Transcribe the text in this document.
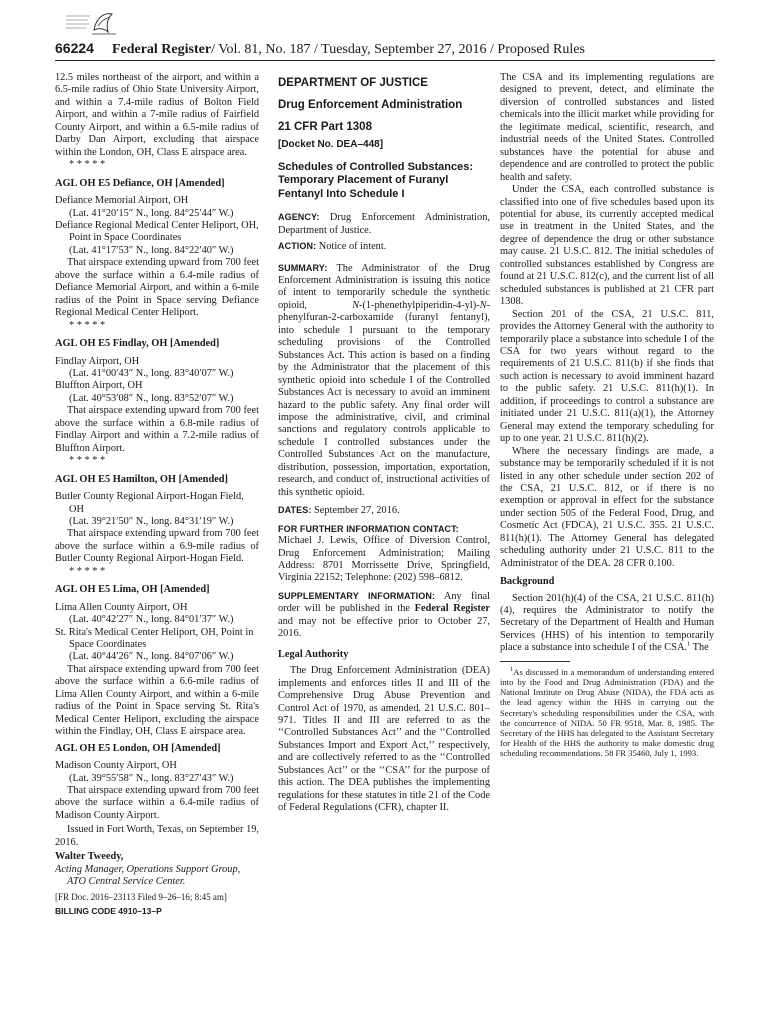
66224 Federal Register/ Vol. 81, No. 187 / Tuesday, September 27, 2016 / Proposed Rules

12.5 miles northeast of the airport, and within a 6.5-mile radius of Ohio State University Airport, and within a 7.4-mile radius of Bolton Field Airport, and within a 7-mile radius of Fairfield County Airport, and within a 6.5-mile radius of Darby Dan Airport, excluding that airspace within the London, OH, Class E airspace area.

* * * * *

AGL OH E5 Defiance, OH [Amended]

Defiance Memorial Airport, OH

(Lat. 41°20′15″ N., long. 84°25′44″ W.)

Defiance Regional Medical Center Heliport, OH, Point in Space Coordinates

(Lat. 41°17′53″ N., long. 84°22′40″ W.)

That airspace extending upward from 700 feet above the surface within a 6.4-mile radius of Defiance Memorial Airport, and within a 6-mile radius of the Point in Space serving Defiance Regional Medical Center Heliport.

* * * * *

AGL OH E5 Findlay, OH [Amended]

Findlay Airport, OH

(Lat. 41°00′43″ N., long. 83°40′07″ W.)

Bluffton Airport, OH

(Lat. 40°53′08″ N., long. 83°52′07″ W.)

That airspace extending upward from 700 feet above the surface within a 6.8-mile radius of Findlay Airport and within a 7.2-mile radius of Bluffton Airport.

* * * * *

AGL OH E5 Hamilton, OH [Amended]

Butler County Regional Airport-Hogan Field, OH

(Lat. 39°21′50″ N., long. 84°31′19″ W.)

That airspace extending upward from 700 feet above the surface within a 6.9-mile radius of Butler County Regional Airport-Hogan Field.

* * * * *

AGL OH E5 Lima, OH [Amended]

Lima Allen County Airport, OH

(Lat. 40°42′27″ N., long. 84°01′37″ W.)

St. Rita's Medical Center Heliport, OH, Point in Space Coordinates

(Lat. 40°44′26″ N., long. 84°07′06″ W.)

That airspace extending upward from 700 feet above the surface within a 6.6-mile radius of Lima Allen County Airport, and within a 6-mile radius of the Point in Space serving St. Rita's Medical Center Heliport, excluding the airspace within the Findlay, OH, Class E airspace area.

AGL OH E5 London, OH [Amended]

Madison County Airport, OH

(Lat. 39°55′58″ N., long. 83°27′43″ W.)

That airspace extending upward from 700 feet above the surface within a 6.4-mile radius of Madison County Airport.

Issued in Fort Worth, Texas, on September 19, 2016.

Walter Tweedy,

Acting Manager, Operations Support Group, ATO Central Service Center.

[FR Doc. 2016–23113 Filed 9–26–16; 8:45 am]

BILLING CODE 4910–13–P

DEPARTMENT OF JUSTICE

Drug Enforcement Administration

21 CFR Part 1308

[Docket No. DEA–448]

Schedules of Controlled Substances: Temporary Placement of Furanyl Fentanyl Into Schedule I

AGENCY: Drug Enforcement Administration, Department of Justice.

ACTION: Notice of intent.

SUMMARY: The Administrator of the Drug Enforcement Administration is issuing this notice of intent to temporarily schedule the synthetic opioid,	N-(1-phenethylpiperidin-4-yl)-N-phenylfuran-2-carboxamide (furanyl fentanyl), into schedule I pursuant to the temporary scheduling provisions of the Controlled Substances Act. This action is based on a finding by the Administrator that the placement of this synthetic opioid into schedule I of the Controlled Substances Act is necessary to avoid an imminent hazard to the public safety. Any final order will impose the administrative, civil, and criminal sanctions and regulatory controls applicable to schedule I controlled substances under the Controlled Substances Act on the manufacture, distribution, possession, importation, exportation, research, and conduct of, instructional activities of this synthetic opioid.

DATES: September 27, 2016.

FOR FURTHER INFORMATION CONTACT:

Michael J. Lewis, Office of Diversion Control, Drug Enforcement Administration; Mailing Address: 8701 Morrissette Drive, Springfield, Virginia 22152; Telephone: (202) 598–6812.

SUPPLEMENTARY INFORMATION: Any final order will be published in the Federal Register and may not be effective prior to October 27, 2016.

Legal Authority

The Drug Enforcement Administration (DEA) implements and enforces titles II and III of the Comprehensive Drug Abuse Prevention and Control Act of 1970, as amended. 21 U.S.C. 801–971. Titles II and III are referred to as the ‘‘Controlled Substances Act’’ and the ‘‘Controlled Substances Import and Export Act,’’ respectively, and are collectively referred to as the ‘‘Controlled Substances Act’’ or the ‘‘CSA’’ for the purpose of this action. The DEA publishes the implementing regulations for these statutes in title 21 of the Code of Federal Regulations (CFR), chapter II.

The CSA and its implementing regulations are designed to prevent, detect, and eliminate the diversion of controlled substances and listed chemicals into the illicit market while providing for the legitimate medical, scientific, research, and industrial needs of the United States. Controlled substances have the potential for abuse and dependence and are controlled to protect the public health and safety.

Under the CSA, each controlled substance is classified into one of five schedules based upon its potential for abuse, its currently accepted medical use in treatment in the United States, and the degree of dependence the drug or other substance may cause. 21 U.S.C. 812. The initial schedules of controlled substances established by Congress are found at 21 U.S.C. 812(c), and the current list of all scheduled substances is published at 21 CFR part 1308.

Section 201 of the CSA, 21 U.S.C. 811, provides the Attorney General with the authority to temporarily place a substance into schedule I of the CSA for two years without regard to the requirements of 21 U.S.C. 811(b) if she finds that such action is necessary to avoid imminent hazard to the public safety. 21 U.S.C. 811(h)(1). In addition, if proceedings to control a substance are initiated under 21 U.S.C. 811(a)(1), the Attorney General may extend the temporary scheduling for up to one year. 21 U.S.C. 811(h)(2).

Where the necessary findings are made, a substance may be temporarily scheduled if it is not listed in any other schedule under section 202 of the CSA, 21 U.S.C. 812, or if there is no exemption or approval in effect for the substance under section 505 of the Federal Food, Drug, and Cosmetic Act (FDCA), 21 U.S.C. 355. 21 U.S.C. 811(h)(1). The Attorney General has delegated scheduling authority under 21 U.S.C. 811 to the Administrator of the DEA. 28 CFR 0.100.

Background

Section 201(h)(4) of the CSA, 21 U.S.C. 811(h)(4), requires the Administrator to notify the Secretary of the Department of Health and Human Services (HHS) of his intention to temporarily place a substance into schedule I of the CSA.$^1$ The

$^1$As discussed in a memorandum of understanding entered into by the Food and Drug Administration (FDA) and the National Institute on Drug Abuse (NIDA), the FDA acts as the lead agency within the HHS in carrying out the Secretary's scheduling responsibilities under the CSA, with the concurrence of NIDA. 50 FR 9518, Mar. 8, 1985. The Secretary of the HHS has delegated to the Assistant Secretary for Health of the HHS the authority to make domestic drug scheduling recommendations. 58 FR 35460, July 1, 1993.
